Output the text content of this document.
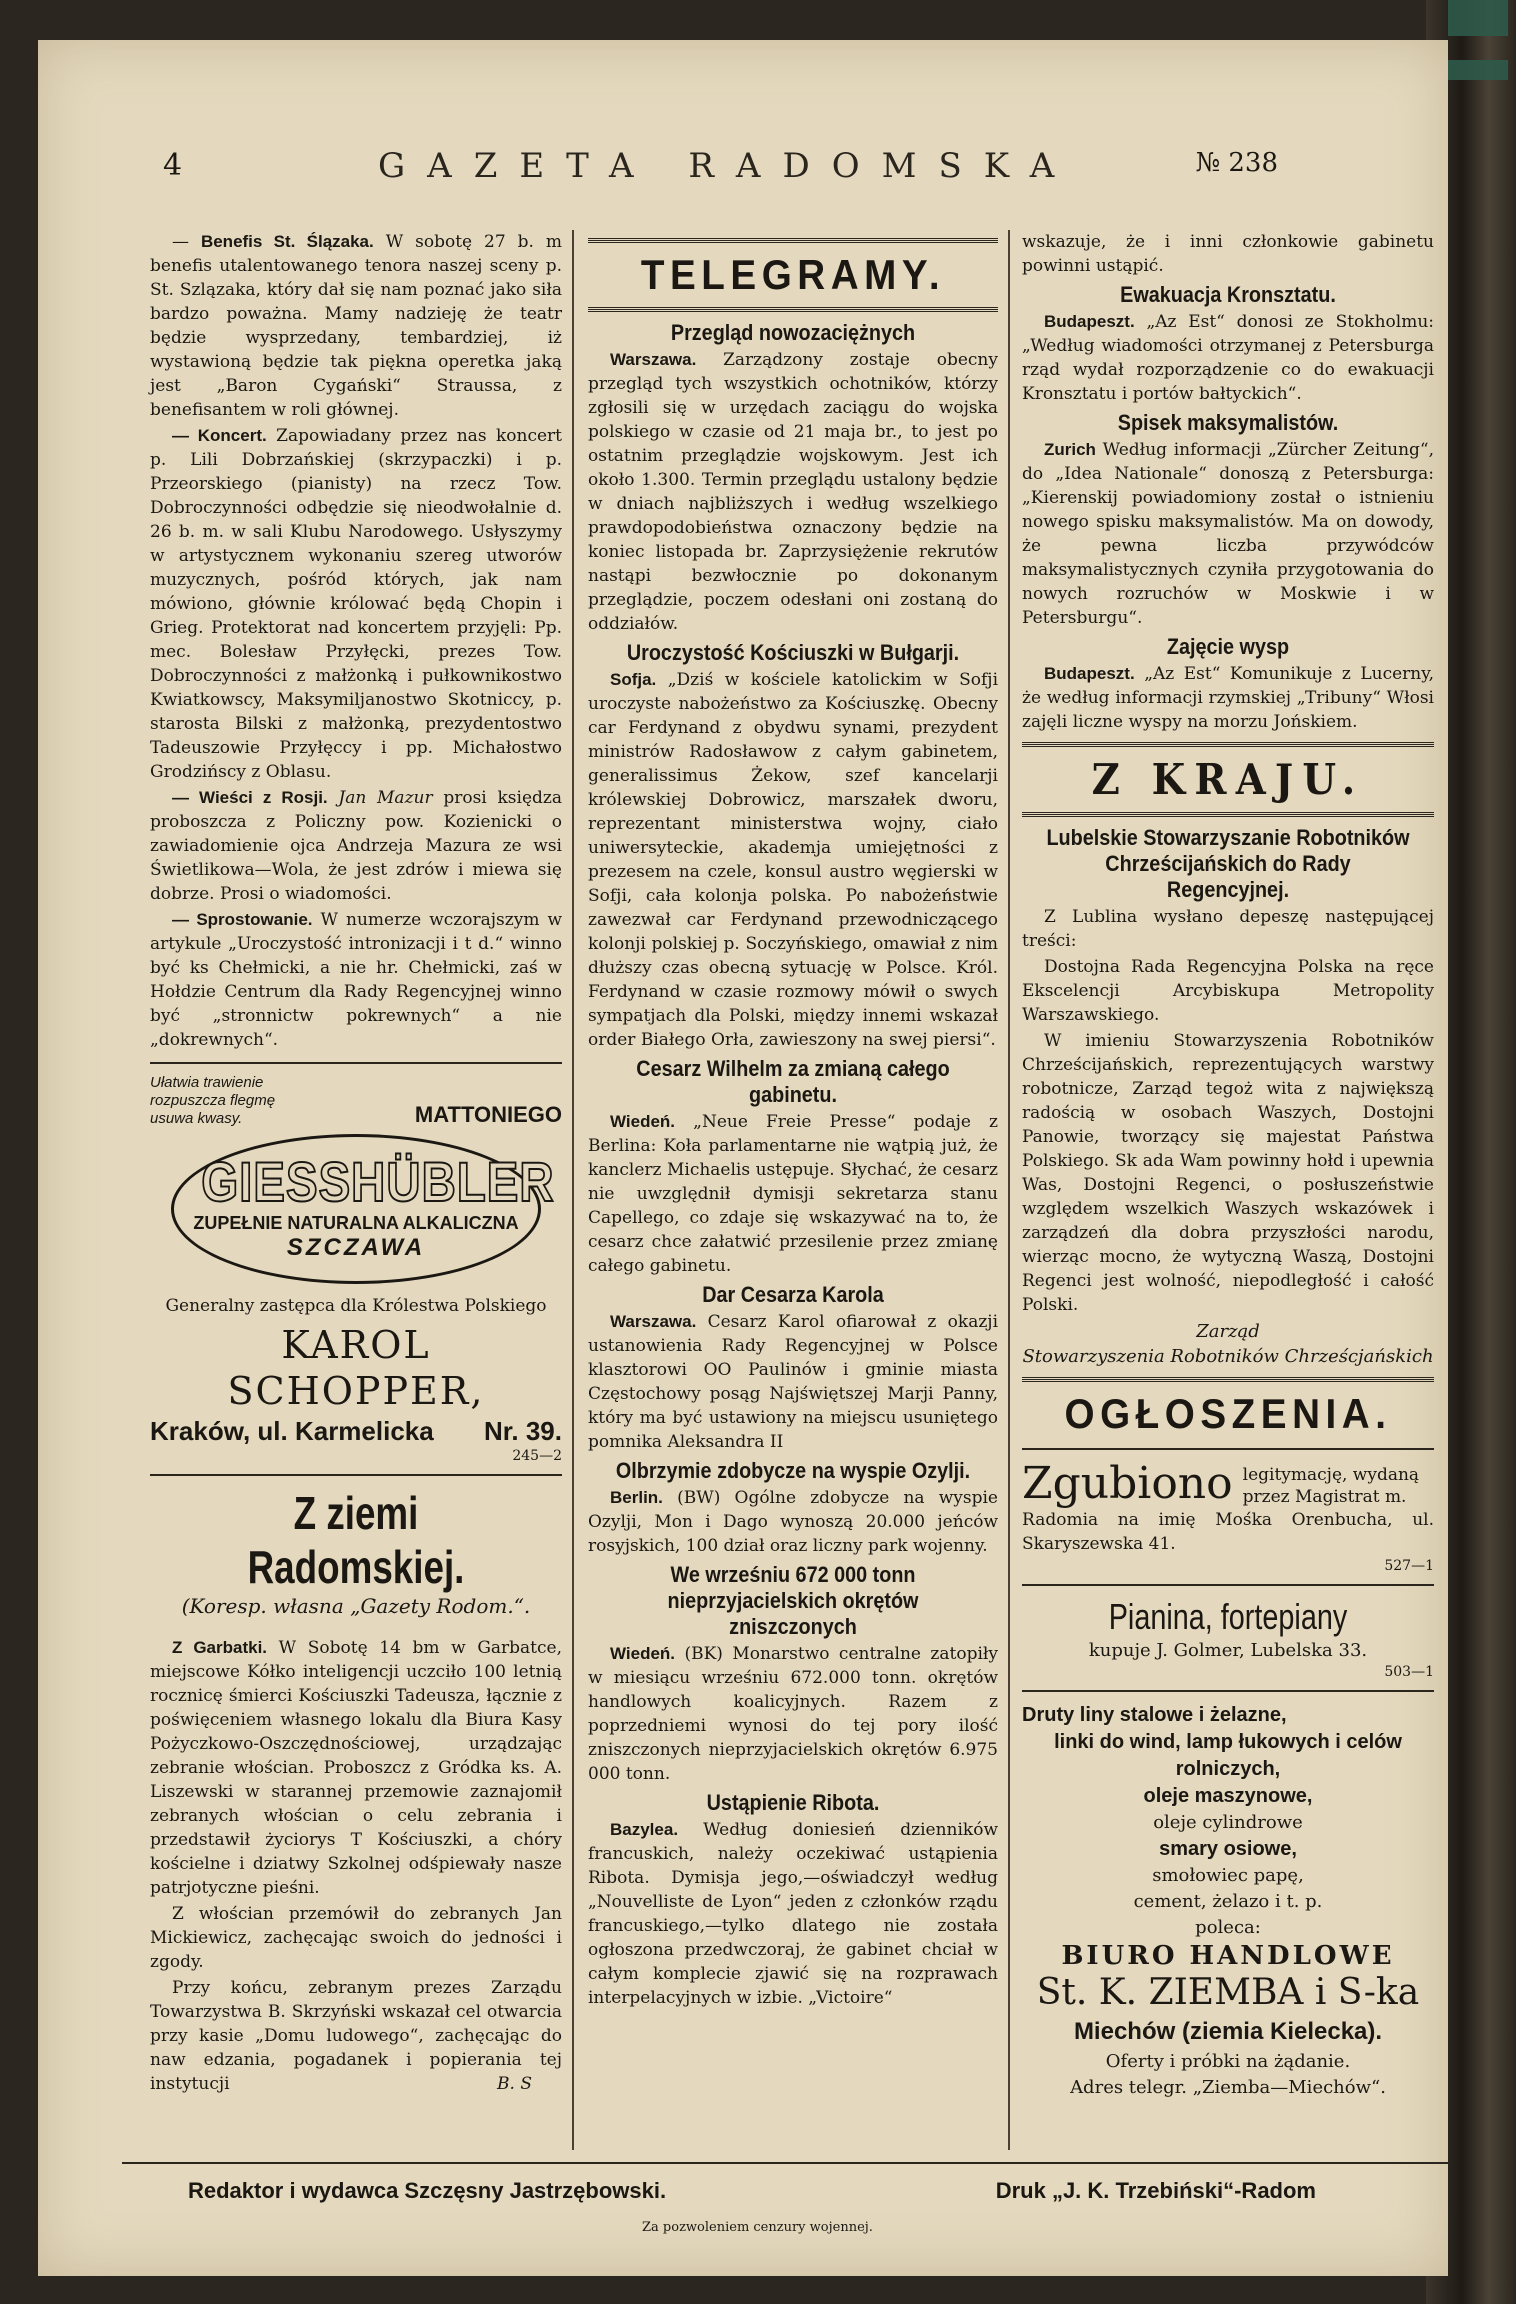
4	GAZETA RADOMSKA	№ 238

— Benefis St. Ślązaka. W sobotę 27 b. m benefis utalentowanego tenora naszej sceny p. St. Szlązaka, który dał się nam poznać jako siła bardzo poważna. Mamy nadzieję że teatr będzie wysprzedany, tembardziej, iż wystawioną będzie tak piękna operetka jaką jest „Baron Cygański“ Straussa, z benefisantem w roli głównej.

— Koncert. Zapowiadany przez nas koncert p. Lili Dobrzańskiej (skrzypaczki) i p. Przeorskiego (pianisty) na rzecz Tow. Dobroczynności odbędzie się nieodwołalnie d. 26 b. m. w sali Klubu Narodowego. Usłyszymy w artystycznem wykonaniu szereg utworów muzycznych, pośród których, jak nam mówiono, głównie królować będą Chopin i Grieg. Protektorat nad koncertem przyjęli: Pp. mec. Bolesław Przyłęcki, prezes Tow. Dobroczynności z małżonką i pułkownikostwo Kwiatkowscy, Maksymiljanostwo Skotniccy, p. starosta Bilski z małżonką, prezydentostwo Tadeuszowie Przyłęccy i pp. Michałostwo Grodzińscy z Oblasu.

— Wieści z Rosji. Jan Mazur prosi księdza proboszcza z Policzny pow. Kozienicki o zawiadomienie ojca Andrzeja Mazura ze wsi Świetlikowa—Wola, że jest zdrów i miewa się dobrze. Prosi o wiadomości.

— Sprostowanie. W numerze wczorajszym w artykule „Uroczystość intronizacji i t d.“ winno być ks Chełmicki, a nie hr. Chełmicki, zaś w Hołdzie Centrum dla Rady Regencyjnej winno być „stronnictw pokrewnych“ a nie „dokrewnych“.

Ułatwia trawienie rozpuszcza flegmę usuwa kwasy.	MATTONIEGO
GIESSHÜBLER
ZUPEŁNIE NATURALNA ALKALICZNA
SZCZAWA
Generalny zastępca dla Królestwa Polskiego
KAROL SCHOPPER,
Nr. 39.
Kraków, ul. Karmelicka
245—2
Z ziemi Radomskiej.
(Koresp. własna „Gazety Rodom.“.

Z Garbatki. W Sobotę 14 bm w Garbatce, miejscowe Kółko inteligencji uczciło 100 letnią rocznicę śmierci Kościuszki Tadeusza, łącznie z poświęceniem własnego lokalu dla Biura Kasy Pożyczkowo-Oszczędnościowej, urządzając zebranie włościan. Proboszcz z Gródka ks. A. Liszewski w starannej przemowie zaznajomił zebranych włościan o celu zebrania i przedstawił życiorys T Kościuszki, a chóry kościelne i dziatwy Szkolnej odśpiewały nasze patrjotyczne pieśni.

Z włościan przemówił do zebranych Jan Mickiewicz, zachęcając swoich do jedności i zgody.

Przy końcu, zebranym prezes Zarządu Towarzystwa B. Skrzyński wskazał cel otwarcia przy kasie „Domu ludowego“, zachęcając do naw edzania, pogadanek i popierania tej instytucji	B. S

TELEGRAMY.
Przegląd nowozaciężnych

Warszawa. Zarządzony zostaje obecny przegląd tych wszystkich ochotników, którzy zgłosili się w urzędach zaciągu do wojska polskiego w czasie od 21 maja br., to jest po ostatnim przeglądzie wojskowym. Jest ich około 1.300. Termin przeglądu ustalony będzie w dniach najbliższych i według wszelkiego prawdopodobieństwa oznaczony będzie na koniec listopada br. Zaprzysiężenie rekrutów nastąpi bezwłocznie po dokonanym przeglądzie, poczem odesłani oni zostaną do oddziałów.

Uroczystość Kościuszki w Bułgarji.

Sofja. „Dziś w kościele katolickim w Sofji uroczyste nabożeństwo za Kościuszkę. Obecny car Ferdynand z obydwu synami, prezydent ministrów Radosławow z całym gabinetem, generalissimus Żekow, szef kancelarji królewskiej Dobrowicz, marszałek dworu, reprezentant ministerstwa wojny, ciało uniwersyteckie, akademja umiejętności z prezesem na czele, konsul austro węgierski w Sofji, cała kolonja polska. Po nabożeństwie zawezwał car Ferdynand przewodniczącego kolonji polskiej p. Soczyńskiego, omawiał z nim dłuższy czas obecną sytuację w Polsce. Król. Ferdynand w czasie rozmowy mówił o swych sympatjach dla Polski, między innemi wskazał order Białego Orła, zawieszony na swej piersi“.

Cesarz Wilhelm za zmianą całego gabinetu.

Wiedeń. „Neue Freie Presse“ podaje z Berlina: Koła parlamentarne nie wątpią już, że kanclerz Michaelis ustępuje. Słychać, że cesarz nie uwzględnił dymisji sekretarza stanu Capellego, co zdaje się wskazywać na to, że cesarz chce załatwić przesilenie przez zmianę całego gabinetu.

Dar Cesarza Karola

Warszawa. Cesarz Karol ofiarował z okazji ustanowienia Rady Regencyjnej w Polsce klasztorowi OO Paulinów i gminie miasta Częstochowy posąg Najświętszej Marji Panny, który ma być ustawiony na miejscu usuniętego pomnika Aleksandra II

Olbrzymie zdobycze na wyspie Ozylji.

Berlin. (BW) Ogólne zdobycze na wyspie Ozylji, Mon i Dago wynoszą 20.000 jeńców rosyjskich, 100 dział oraz liczny park wojenny.

We wrześniu 672 000 tonn nieprzyjacielskich okrętów zniszczonych

Wiedeń. (BK) Monarstwo centralne zatopiły w miesiącu wrześniu 672.000 tonn. okrętów handlowych koalicyjnych. Razem z poprzedniemi wynosi do tej pory ilość zniszczonych nieprzyjacielskich okrętów 6.975 000 tonn.

Ustąpienie Ribota.

Bazylea. Według doniesień dzienników francuskich, należy oczekiwać ustąpienia Ribota. Dymisja jego,—oświadczył według „Nouvelliste de Lyon“ jeden z członków rządu francuskiego,—tylko dlatego nie została ogłoszona przedwczoraj, że gabinet chciał w całym komplecie zjawić się na rozprawach interpelacyjnych w izbie. „Victoire“

wskazuje, że i inni członkowie gabinetu powinni ustąpić.

Ewakuacja Kronsztatu.

Budapeszt. „Az Est“ donosi ze Stokholmu: „Według wiadomości otrzymanej z Petersburga rząd wydał rozporządzenie co do ewakuacji Kronsztatu i portów bałtyckich“.

Spisek maksymalistów.

Zurich Według informacji „Zürcher Zeitung“, do „Idea Nationale“ donoszą z Petersburga: „Kierenskij powiadomiony został o istnieniu nowego spisku maksymalistów. Ma on dowody, że pewna liczba przywódców maksymalistycznych czyniła przygotowania do nowych rozruchów w Moskwie i w Petersburgu“.

Zajęcie wysp

Budapeszt. „Az Est“ Komunikuje z Lucerny, że według informacji rzymskiej „Tribuny“ Włosi zajęli liczne wyspy na morzu Jońskiem.

Z KRAJU.
Lubelskie Stowarzyszanie Robotników Chrześcijańskich do Rady Regencyjnej.

Z Lublina wysłano depeszę następującej treści:

Dostojna Rada Regencyjna Polska na ręce Ekscelencji Arcybiskupa Metropolity Warszawskiego.

W imieniu Stowarzyszenia Robotników Chrześcijańskich, reprezentujących warstwy robotnicze, Zarząd tegoż wita z największą radością w osobach Waszych, Dostojni Panowie, tworzący się majestat Państwa Polskiego. Sk ada Wam powinny hołd i upewnia Was, Dostojni Regenci, o posłuszeństwie względem wszelkich Waszych wskazówek i zarządzeń dla dobra przyszłości narodu, wierząc mocno, że wytyczną Waszą, Dostojni Regenci jest wolność, niepodległość i całość Polski.

Zarząd
Stowarzyszenia Robotników Chrześcjańskich
OGŁOSZENIA.
Zgubiono legitymację, wydaną przez Magistrat m.

Radomia na imię Mośka Orenbucha, ul. Skaryszewska 41.

527—1
Pianina, fortepiany
kupuje J. Golmer, Lubelska 33.
503—1
Druty liny stalowe i żelazne,
linki do wind, lamp łukowych i celów rolniczych,
oleje maszynowe,
oleje cylindrowe
smary osiowe,
smołowiec papę,
cement, żelazo i t. p.
poleca:
BIURO HANDLOWE
St. K. ZIEMBA i S-ka
Miechów (ziemia Kielecka).
Oferty i próbki na żądanie.
Adres telegr. „Ziemba—Miechów“.
Redaktor i wydawca Szczęsny Jastrzębowski.	Druk „J. K. Trzebiński“-Radom
Za pozwoleniem cenzury wojennej.
